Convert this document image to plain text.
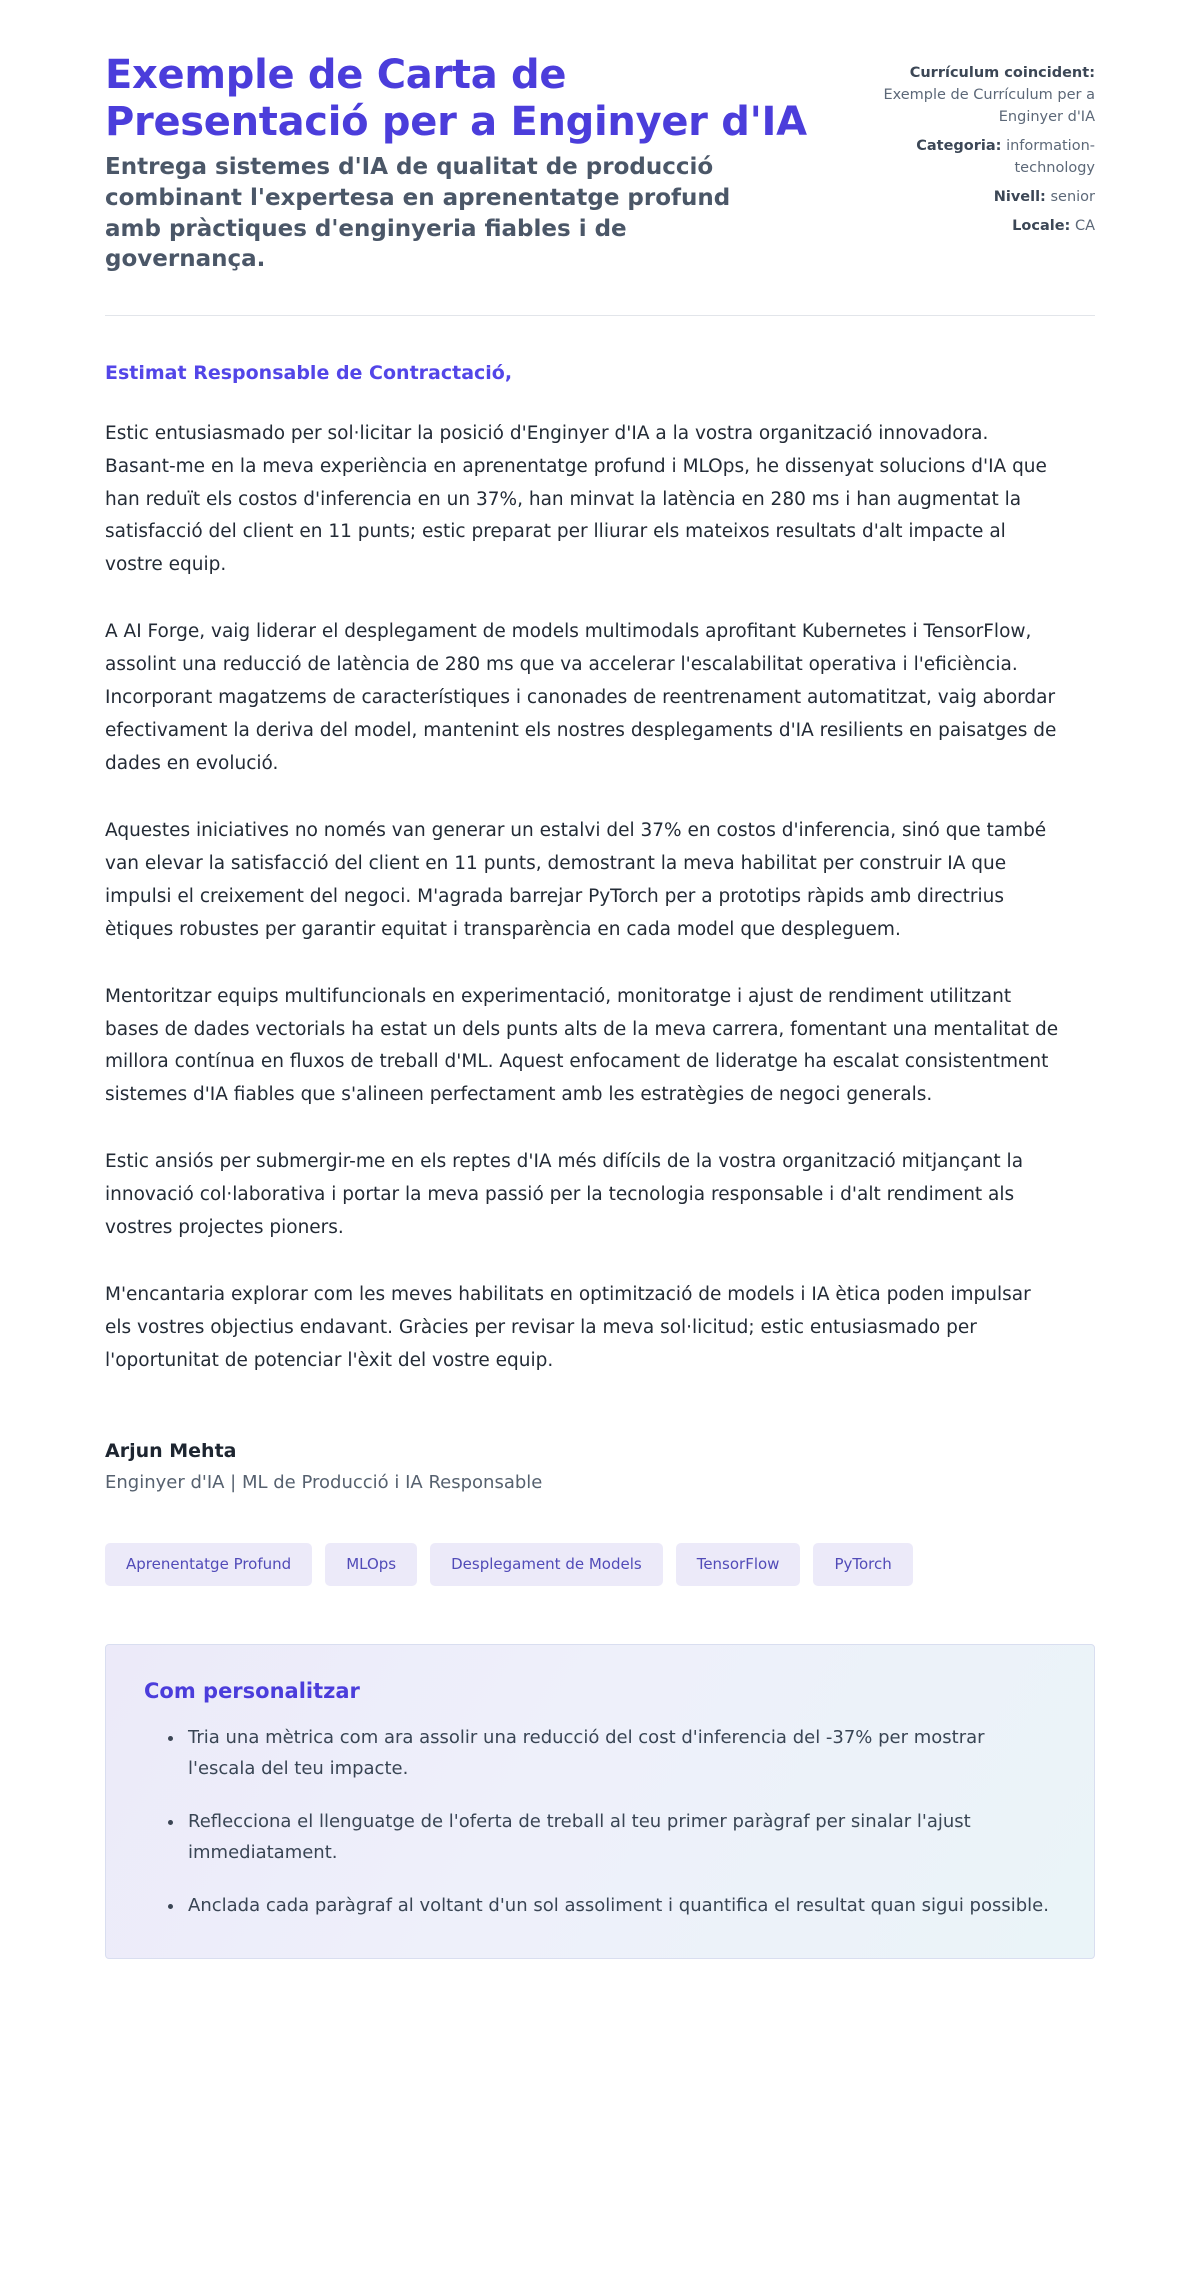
Exemple de Carta de Presentació per a Enginyer d'IA

Entrega sistemes d'IA de qualitat de producció combinant l'expertesa en aprenentatge profund amb pràctiques d'enginyeria fiables i de governança.

Currículum coincident: Exemple de Currículum per a Enginyer d'IA
Categoria: information-technology
Nivell: senior
Locale: CA

Estimat Responsable de Contractació,

Estic entusiasmado per sol·licitar la posició d'Enginyer d'IA a la vostra organització innovadora. Basant-me en la meva experiència en aprenentatge profund i MLOps, he dissenyat solucions d'IA que han reduït els costos d'inferencia en un 37%, han minvat la latència en 280 ms i han augmentat la satisfacció del client en 11 punts; estic preparat per lliurar els mateixos resultats d'alt impacte al vostre equip.

A AI Forge, vaig liderar el desplegament de models multimodals aprofitant Kubernetes i TensorFlow, assolint una reducció de latència de 280 ms que va accelerar l'escalabilitat operativa i l'eficiència. Incorporant magatzems de característiques i canonades de reentrenament automatitzat, vaig abordar efectivament la deriva del model, mantenint els nostres desplegaments d'IA resilients en paisatges de dades en evolució.

Aquestes iniciatives no només van generar un estalvi del 37% en costos d'inferencia, sinó que també van elevar la satisfacció del client en 11 punts, demostrant la meva habilitat per construir IA que impulsi el creixement del negoci. M'agrada barrejar PyTorch per a prototips ràpids amb directrius ètiques robustes per garantir equitat i transparència en cada model que despleguem.

Mentoritzar equips multifuncionals en experimentació, monitoratge i ajust de rendiment utilitzant bases de dades vectorials ha estat un dels punts alts de la meva carrera, fomentant una mentalitat de millora contínua en fluxos de treball d'ML. Aquest enfocament de lideratge ha escalat consistentment sistemes d'IA fiables que s'alineen perfectament amb les estratègies de negoci generals.

Estic ansiós per submergir-me en els reptes d'IA més difícils de la vostra organització mitjançant la innovació col·laborativa i portar la meva passió per la tecnologia responsable i d'alt rendiment als vostres projectes pioners.

M'encantaria explorar com les meves habilitats en optimització de models i IA ètica poden impulsar els vostres objectius endavant. Gràcies per revisar la meva sol·licitud; estic entusiasmado per l'oportunitat de potenciar l'èxit del vostre equip.

Arjun Mehta

Enginyer d'IA | ML de Producció i IA Responsable

Aprenentatge Profund	MLOps	Desplegament de Models	TensorFlow	PyTorch
Com personalitzar
Tria una mètrica com ara assolir una reducció del cost d'inferencia del -37% per mostrar l'escala del teu impacte.
Reflecciona el llenguatge de l'oferta de treball al teu primer paràgraf per sinalar l'ajust immediatament.
Anclada cada paràgraf al voltant d'un sol assoliment i quantifica el resultat quan sigui possible.
